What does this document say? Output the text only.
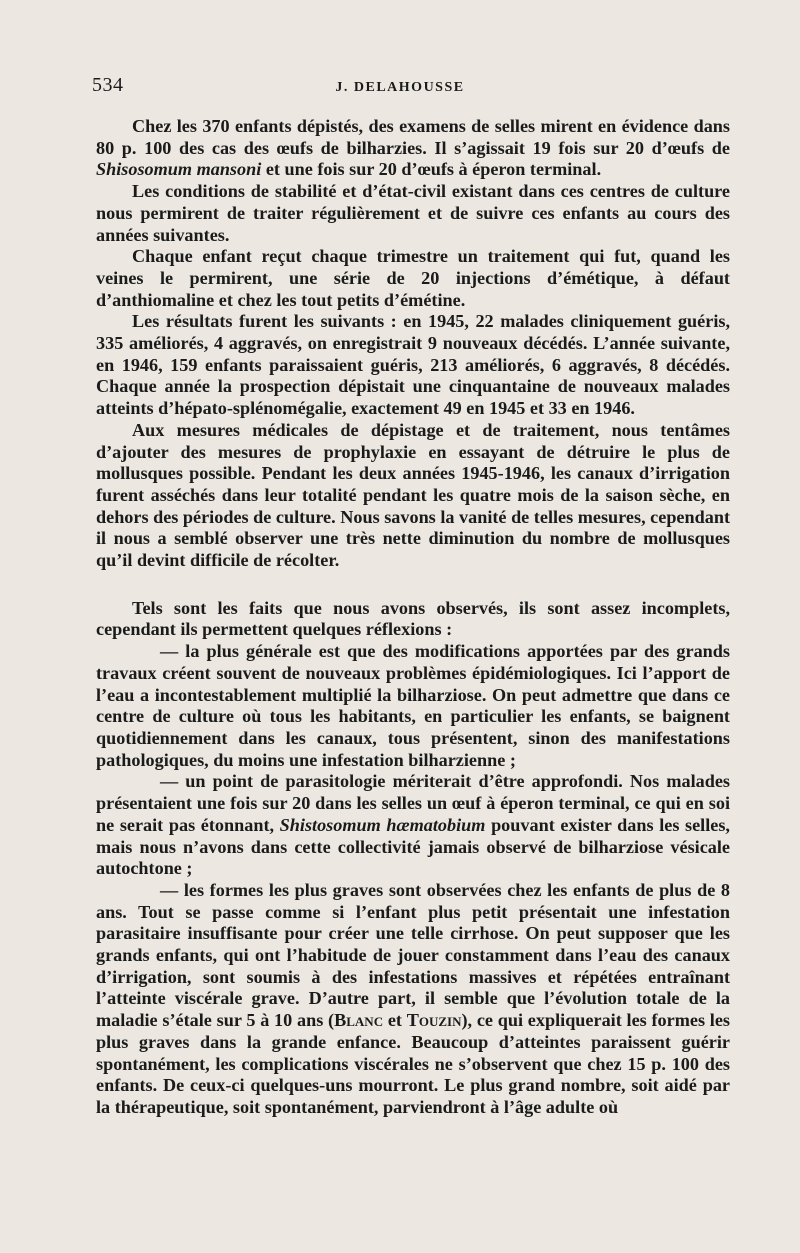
534	J. DELAHOUSSE

Chez les 370 enfants dépistés, des examens de selles mirent en évidence dans 80 p. 100 des cas des œufs de bilharzies. Il s’agissait 19 fois sur 20 d’œufs de Shisosomum mansoni et une fois sur 20 d’œufs à éperon terminal.

Les conditions de stabilité et d’état-civil existant dans ces centres de culture nous permirent de traiter régulièrement et de suivre ces enfants au cours des années suivantes.

Chaque enfant reçut chaque trimestre un traitement qui fut, quand les veines le permirent, une série de 20 injections d’émétique, à défaut d’anthiomaline et chez les tout petits d’émétine.

Les résultats furent les suivants : en 1945, 22 malades cliniquement guéris, 335 améliorés, 4 aggravés, on enregistrait 9 nouveaux décédés. L’année suivante, en 1946, 159 enfants paraissaient guéris, 213 améliorés, 6 aggravés, 8 décédés. Chaque année la prospection dépistait une cinquantaine de nouveaux malades atteints d’hépato-splénomégalie, exactement 49 en 1945 et 33 en 1946.

Aux mesures médicales de dépistage et de traitement, nous tentâmes d’ajouter des mesures de prophylaxie en essayant de détruire le plus de mollusques possible. Pendant les deux années 1945-1946, les canaux d’irrigation furent asséchés dans leur totalité pendant les quatre mois de la saison sèche, en dehors des périodes de culture. Nous savons la vanité de telles mesures, cependant il nous a semblé observer une très nette diminution du nombre de mollusques qu’il devint difficile de récolter.

Tels sont les faits que nous avons observés, ils sont assez incomplets, cependant ils permettent quelques réflexions :

— la plus générale est que des modifications apportées par des grands travaux créent souvent de nouveaux problèmes épidémiologiques. Ici l’apport de l’eau a incontestablement multiplié la bilharziose. On peut admettre que dans ce centre de culture où tous les habitants, en particulier les enfants, se baignent quotidiennement dans les canaux, tous présentent, sinon des manifestations pathologiques, du moins une infestation bilharzienne ;

— un point de parasitologie mériterait d’être approfondi. Nos malades présentaient une fois sur 20 dans les selles un œuf à éperon terminal, ce qui en soi ne serait pas étonnant, Shistosomum hæmatobium pouvant exister dans les selles, mais nous n’avons dans cette collectivité jamais observé de bilharziose vésicale autochtone ;

— les formes les plus graves sont observées chez les enfants de plus de 8 ans. Tout se passe comme si l’enfant plus petit présentait une infestation parasitaire insuffisante pour créer une telle cirrhose. On peut supposer que les grands enfants, qui ont l’habitude de jouer constamment dans l’eau des canaux d’irrigation, sont soumis à des infestations massives et répétées entraînant l’atteinte viscérale grave. D’autre part, il semble que l’évolution totale de la maladie s’étale sur 5 à 10 ans (Blanc et Touzin), ce qui expliquerait les formes les plus graves dans la grande enfance. Beaucoup d’atteintes paraissent guérir spontanément, les complications viscérales ne s’observent que chez 15 p. 100 des enfants. De ceux-ci quelques-uns mourront. Le plus grand nombre, soit aidé par la thérapeutique, soit spontanément, parviendront à l’âge adulte où
